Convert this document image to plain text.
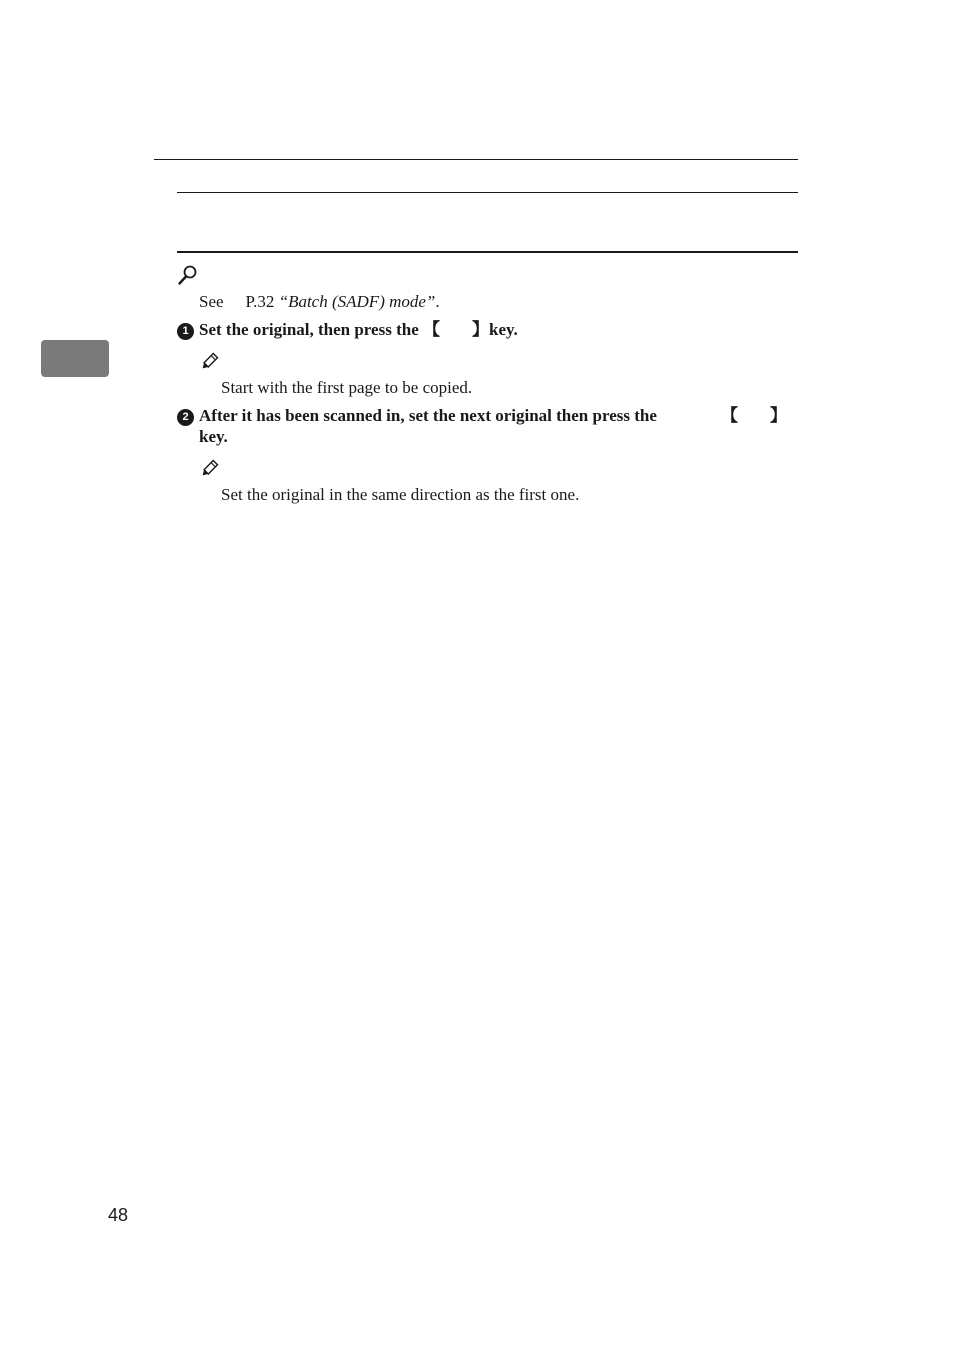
See P.32 “Batch (SADF) mode”.
1 Set the original, then press the 【 】key.
Start with the first page to be copied.
2 After it has been scanned in, set the next original then press the
key.
【 】
Set the original in the same direction as the first one.
48
